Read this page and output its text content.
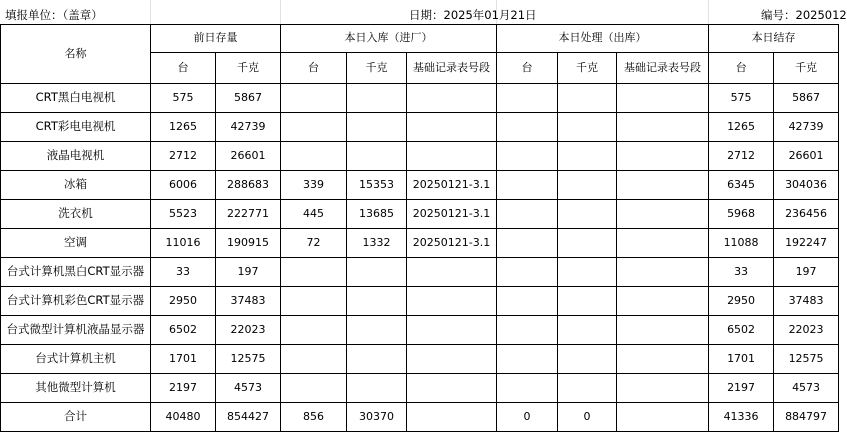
填报单位：（盖章）	日期：2025年01月21日	编号：2025012
名称	前日存量		本日入库（进厂）			本日处理（出库）			本日结存	
	台	千克	台	千克	基础记录表号段	台	千克	基础记录表号段	台	千克
CRT黑白电视机	575	5867							575	5867
CRT彩电电视机	1265	42739							1265	42739
液晶电视机	2712	26601							2712	26601
冰箱	6006	288683	339	15353	20250121-3.1				6345	304036
洗衣机	5523	222771	445	13685	20250121-3.1				5968	236456
空调	11016	190915	72	1332	20250121-3.1				11088	192247
台式计算机黑白CRT显示器	33	197							33	197
台式计算机彩色CRT显示器	2950	37483							2950	37483
台式微型计算机液晶显示器	6502	22023							6502	22023
台式计算机主机	1701	12575							1701	12575
其他微型计算机	2197	4573							2197	4573
合计	40480	854427	856	30370		0	0		41336	884797
